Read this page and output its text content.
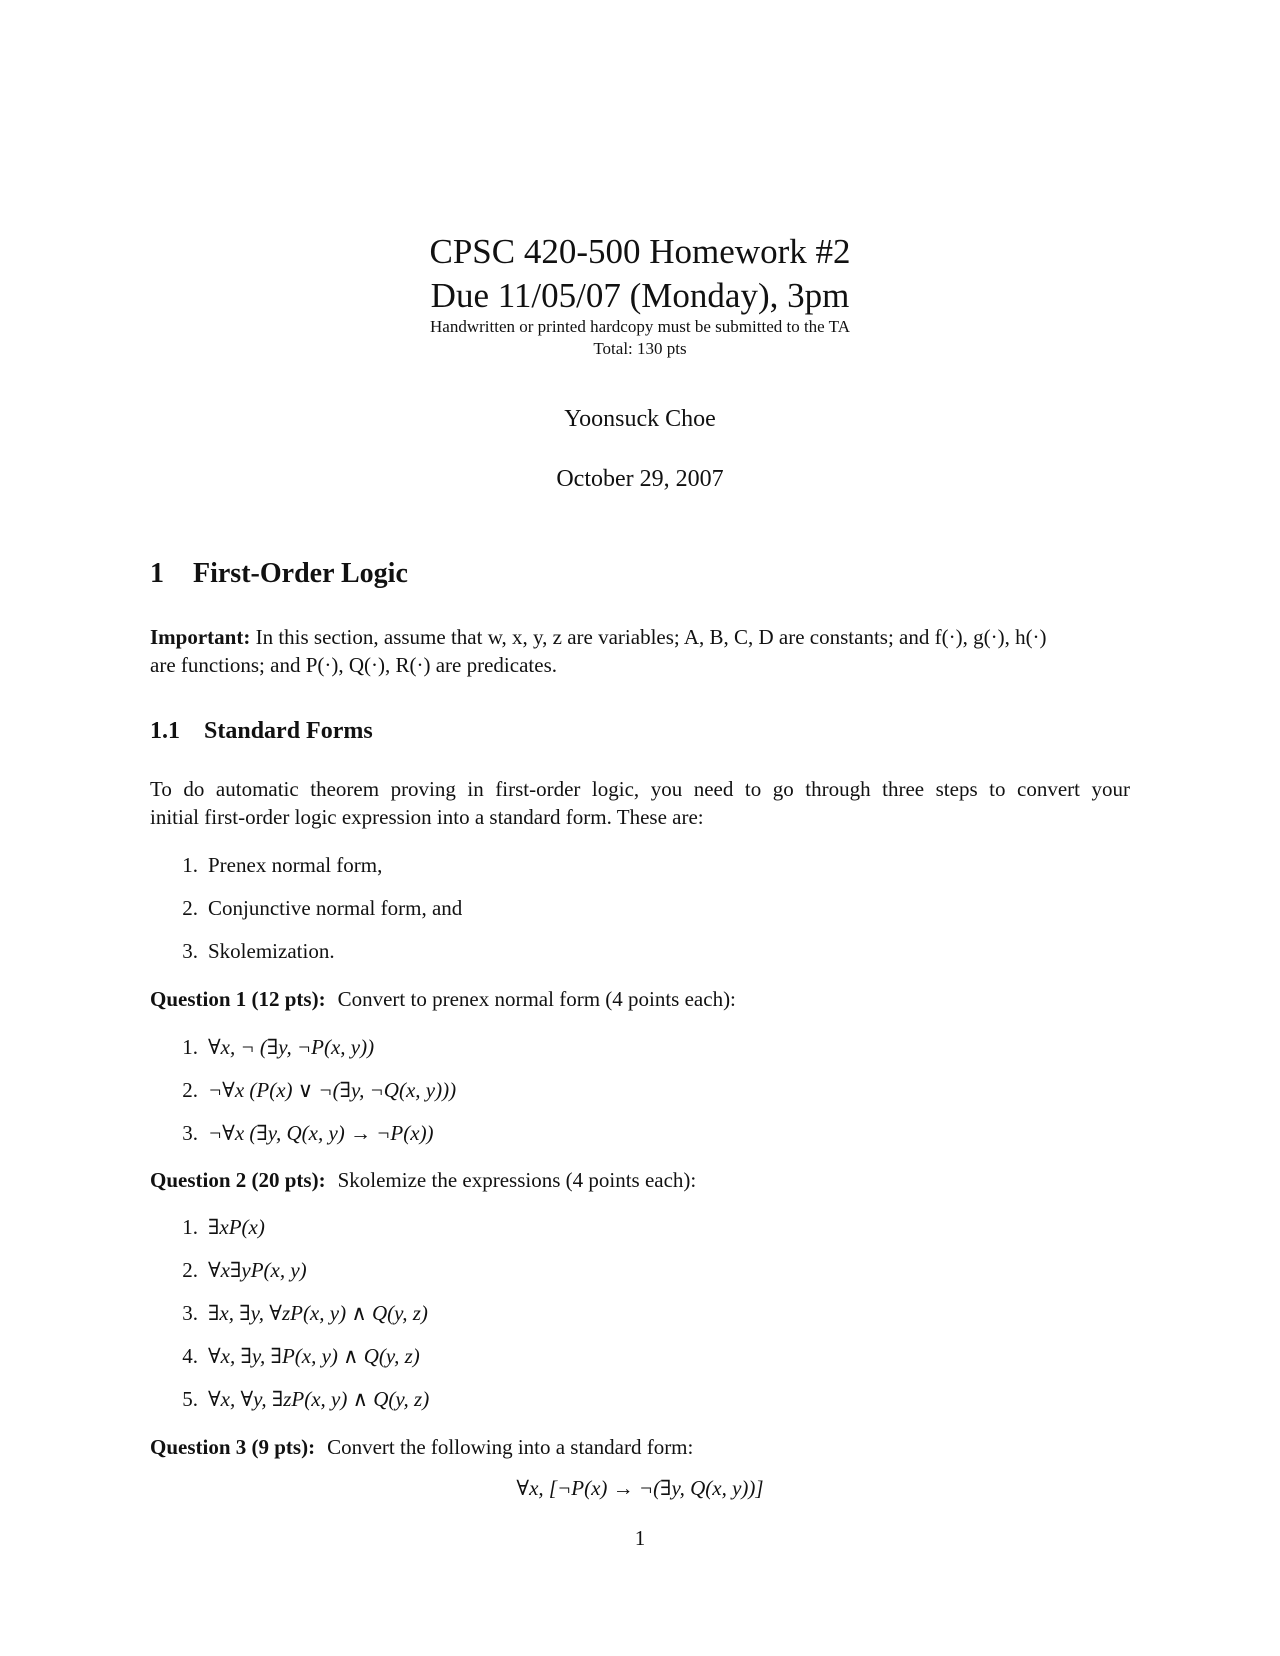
CPSC 420-500 Homework #2
Due 11/05/07 (Monday), 3pm
Handwritten or printed hardcopy must be submitted to the TA
Total: 130 pts
Yoonsuck Choe
October 29, 2007
1 First-Order Logic
Important: In this section, assume that w, x, y, z are variables; A, B, C, D are constants; and f(·), g(·), h(·)
are functions; and P(·), Q(·), R(·) are predicates.
1.1 Standard Forms
To do automatic theorem proving in first-order logic, you need to go through three steps to convert your
initial first-order logic expression into a standard form. These are:
1. Prenex normal form,
2. Conjunctive normal form, and
3. Skolemization.
Question 1 (12 pts): Convert to prenex normal form (4 points each):
1. ∀x, ¬ (∃y, ¬P(x, y))
2. ¬∀x (P(x) ∨ ¬(∃y, ¬Q(x, y)))
3. ¬∀x (∃y, Q(x, y) → ¬P(x))
Question 2 (20 pts): Skolemize the expressions (4 points each):
1. ∃xP(x)
2. ∀x∃yP(x, y)
3. ∃x, ∃y, ∀zP(x, y) ∧ Q(y, z)
4. ∀x, ∃y, ∃P(x, y) ∧ Q(y, z)
5. ∀x, ∀y, ∃zP(x, y) ∧ Q(y, z)
Question 3 (9 pts): Convert the following into a standard form:
∀x, [¬P(x) → ¬(∃y, Q(x, y))]
1
